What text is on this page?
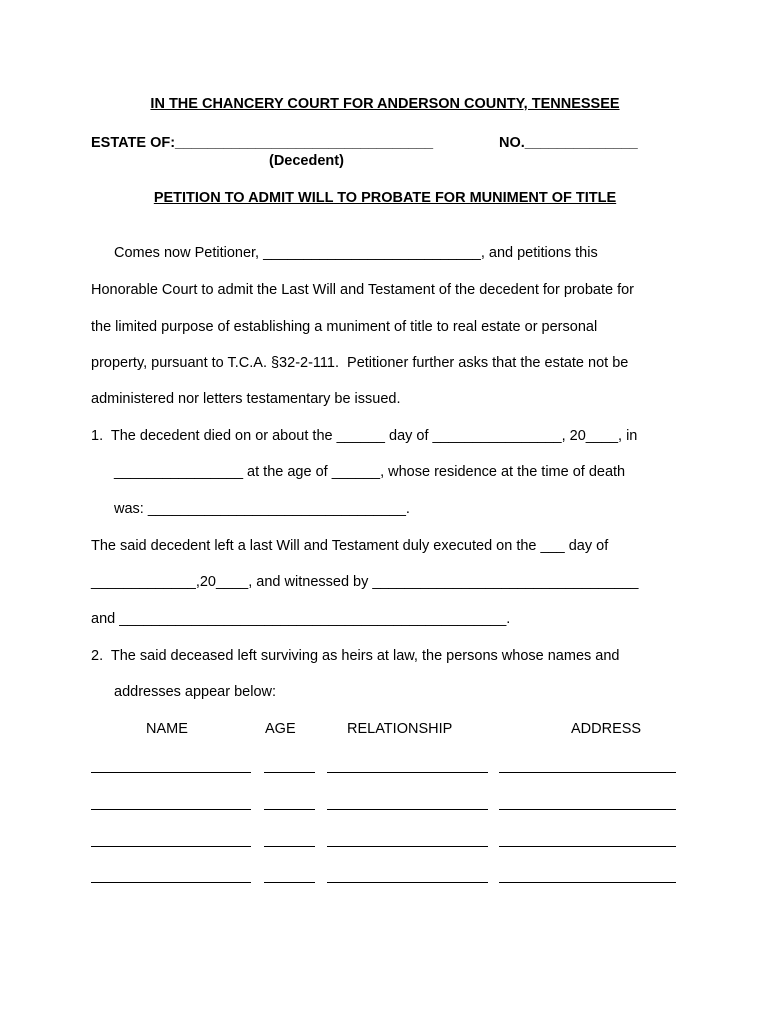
IN THE CHANCERY COURT FOR ANDERSON COUNTY, TENNESSEE
ESTATE OF:________________________________	NO.______________
(Decedent)
PETITION TO ADMIT WILL TO PROBATE FOR MUNIMENT OF TITLE
Comes now Petitioner, ___________________________, and petitions this
Honorable Court to admit the Last Will and Testament of the decedent for probate for
the limited purpose of establishing a muniment of title to real estate or personal
property, pursuant to T.C.A. §32-2-111.  Petitioner further asks that the estate not be
administered nor letters testamentary be issued.
1.  The decedent died on or about the ______ day of ________________, 20____, in
________________ at the age of ______, whose residence at the time of death
was: ________________________________.
The said decedent left a last Will and Testament duly executed on the ___ day of
_____________,20____, and witnessed by _________________________________
and ________________________________________________.
2.  The said deceased left surviving as heirs at law, the persons whose names and
addresses appear below:
NAME	AGE	RELATIONSHIP	ADDRESS
